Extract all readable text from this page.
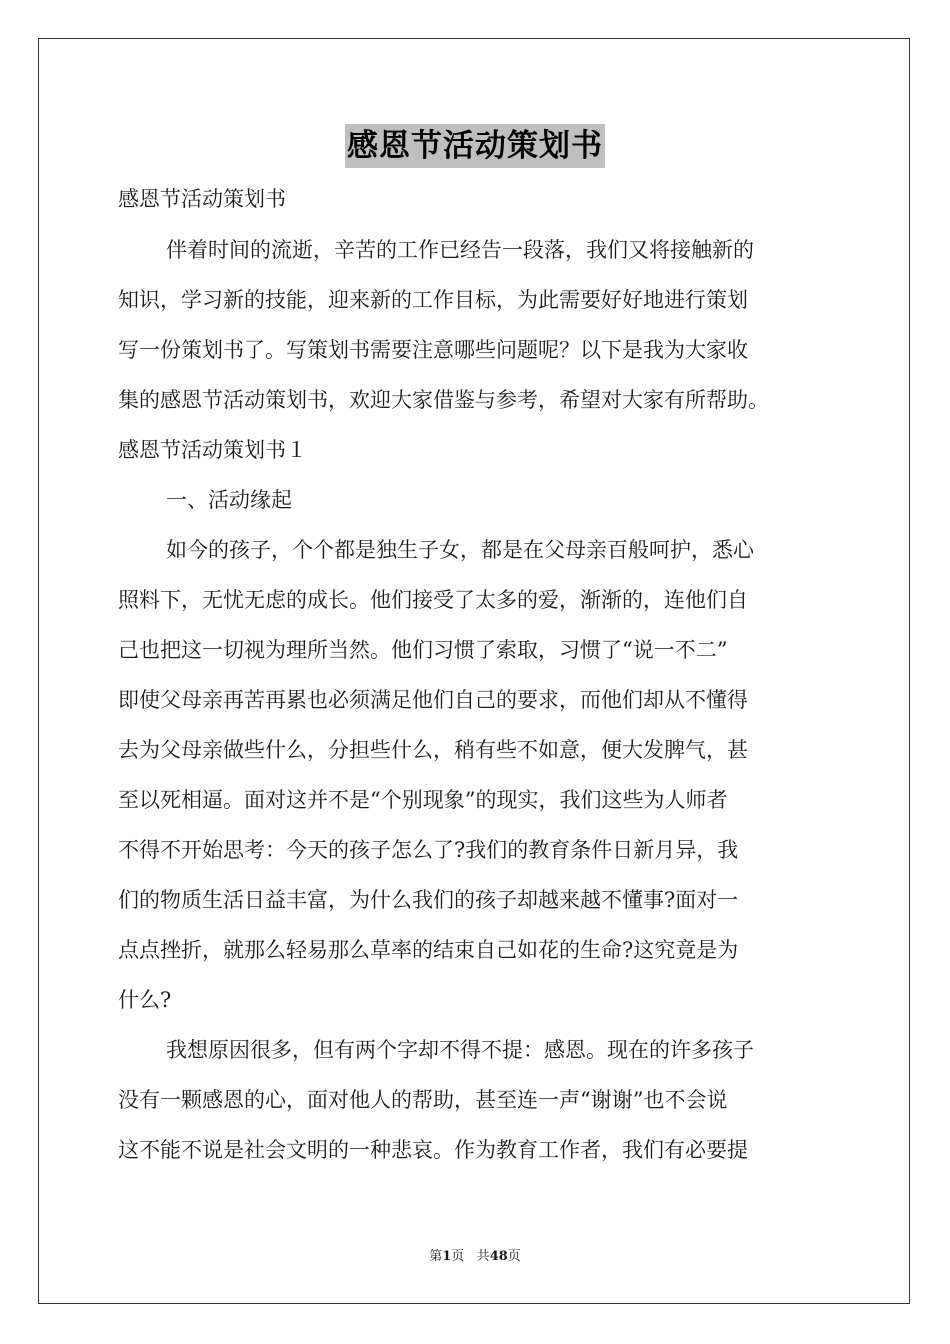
感恩节活动策划书
感恩节活动策划书
伴着时间的流逝，辛苦的工作已经告一段落，我们又将接触新的
知识，学习新的技能，迎来新的工作目标，为此需要好好地进行策划
写一份策划书了。写策划书需要注意哪些问题呢？以下是我为大家收
集的感恩节活动策划书，欢迎大家借鉴与参考，希望对大家有所帮助。
感恩节活动策划书１
一、活动缘起
如今的孩子，个个都是独生子女，都是在父母亲百般呵护，悉心
照料下，无忧无虑的成长。他们接受了太多的爱，渐渐的，连他们自
己也把这一切视为理所当然。他们习惯了索取，习惯了“说一不二”
即使父母亲再苦再累也必须满足他们自己的要求，而他们却从不懂得
去为父母亲做些什么，分担些什么，稍有些不如意，便大发脾气，甚
至以死相逼。面对这并不是“个别现象”的现实，我们这些为人师者
不得不开始思考：今天的孩子怎么了?我们的教育条件日新月异，我
们的物质生活日益丰富，为什么我们的孩子却越来越不懂事?面对一
点点挫折，就那么轻易那么草率的结束自己如花的生命?这究竟是为
什么?
我想原因很多，但有两个字却不得不提：感恩。现在的许多孩子
没有一颗感恩的心，面对他人的帮助，甚至连一声“谢谢”也不会说
这不能不说是社会文明的一种悲哀。作为教育工作者，我们有必要提
第1页 共48页
